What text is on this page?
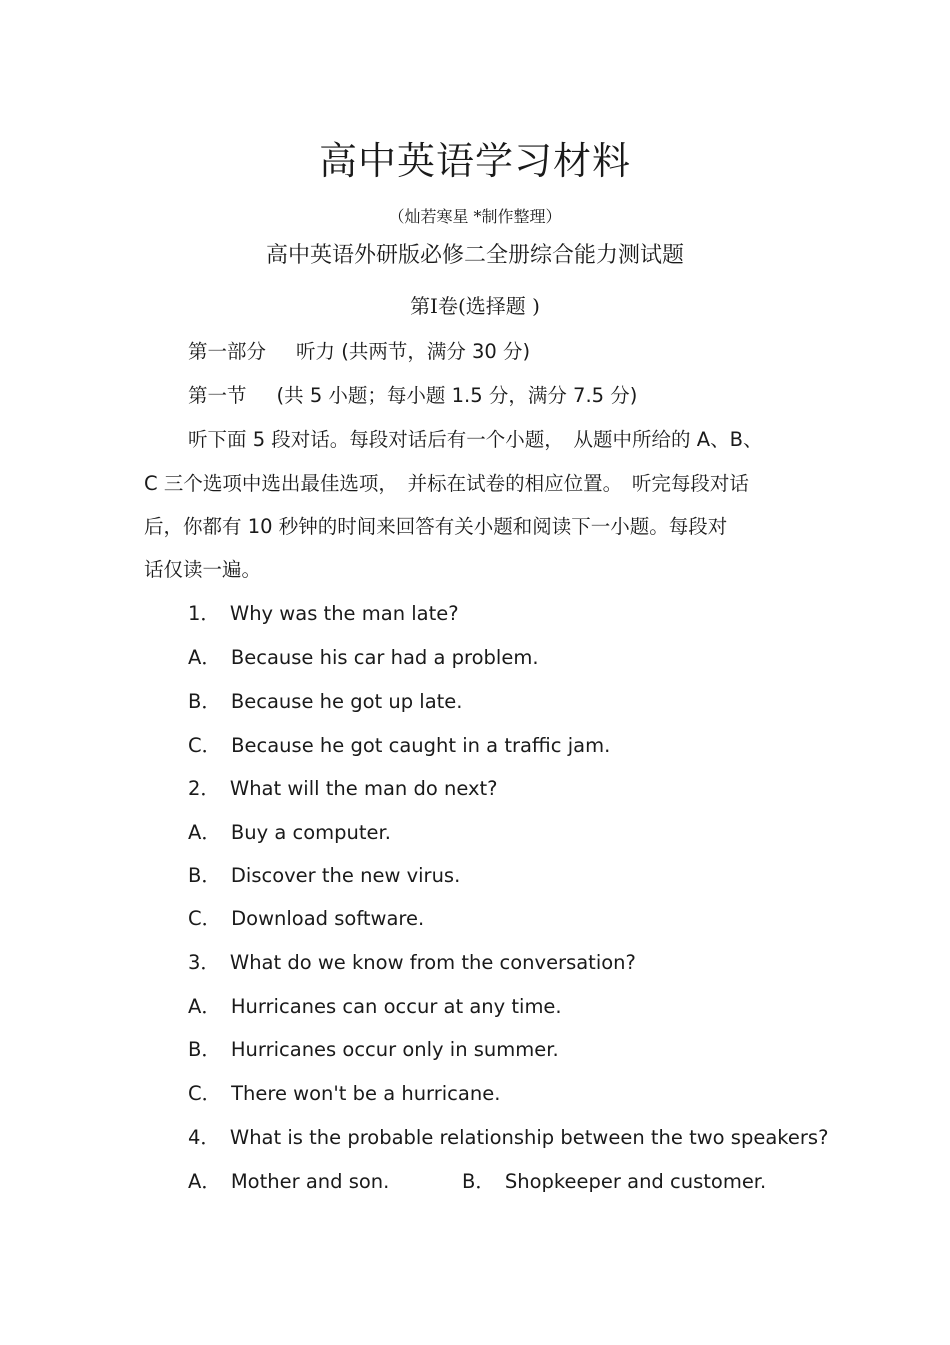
高中英语学习材料
（灿若寒星 *制作整理）
高中英语外研版必修二全册综合能力测试题
第Ⅰ卷(选择题 )
第一部分 听力 (共两节，满分 30 分)
第一节 (共 5 小题；每小题 1.5 分，满分 7.5 分)
听下面 5 段对话。每段对话后有一个小题，　从题中所给的 A、B、
C 三个选项中选出最佳选项，　并标在试卷的相应位置。　听完每段对话
后，你都有 10 秒钟的时间来回答有关小题和阅读下一小题。每段对
话仅读一遍。
1． Why was the man late?
A． Because his car had a problem.
B． Because he got up late.
C． Because he got caught in a traffic jam.
2． What will the man do next?
A． Buy a computer.
B． Discover the new virus.
C． Download software.
3． What do we know from the conversation?
A． Hurricanes can occur at any time.
B． Hurricanes occur only in summer.
C． There won't be a hurricane.
4． What is the probable relationship between the two speakers?
A． Mother and son.	B． Shopkeeper and customer.
